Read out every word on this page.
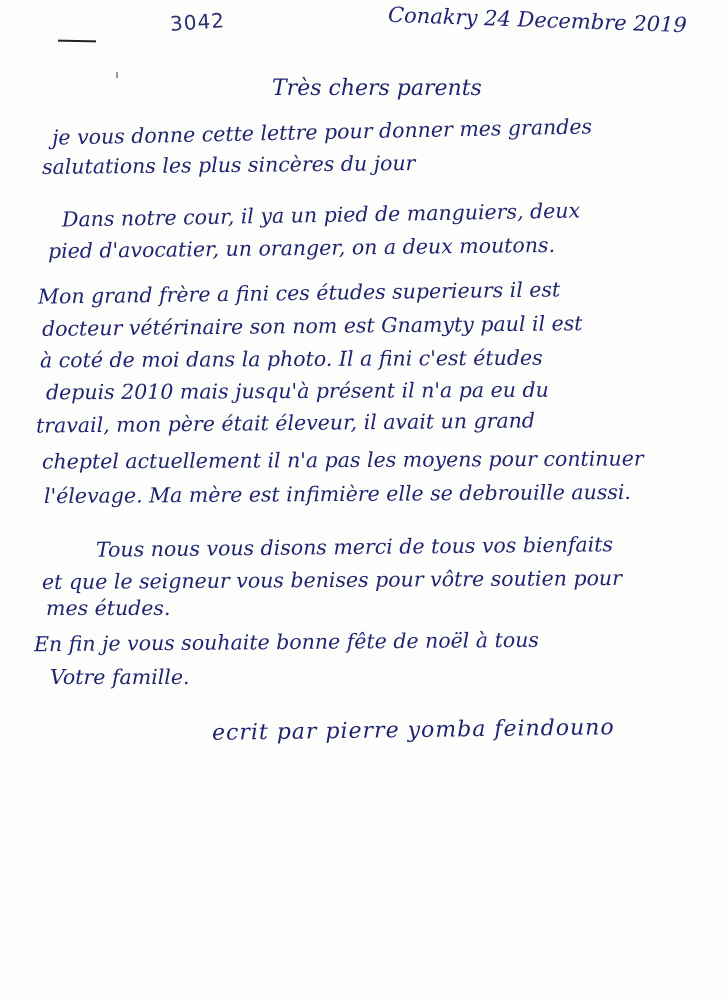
3042	Conakry 24 Decembre 2019
Très chers parents
je vous donne cette lettre pour donner mes grandes
salutations les plus sincères du jour
Dans notre cour, il ya un pied de manguiers, deux
pied d'avocatier, un oranger, on a deux moutons.
Mon grand frère a fini ces études superieurs il est
docteur vétérinaire son nom est Gnamyty paul il est
à coté de moi dans la photo. Il a fini c'est études
depuis 2010 mais jusqu'à présent il n'a pa eu du
travail, mon père était éleveur, il avait un grand
cheptel actuellement il n'a pas les moyens pour continuer
l'élevage. Ma mère est infimière elle se debrouille aussi.
Tous nous vous disons merci de tous vos bienfaits
et que le seigneur vous benises pour vôtre soutien pour
mes études.
En fin je vous souhaite bonne fête de noël à tous
Votre famille.
ecrit par pierre yomba feindouno
